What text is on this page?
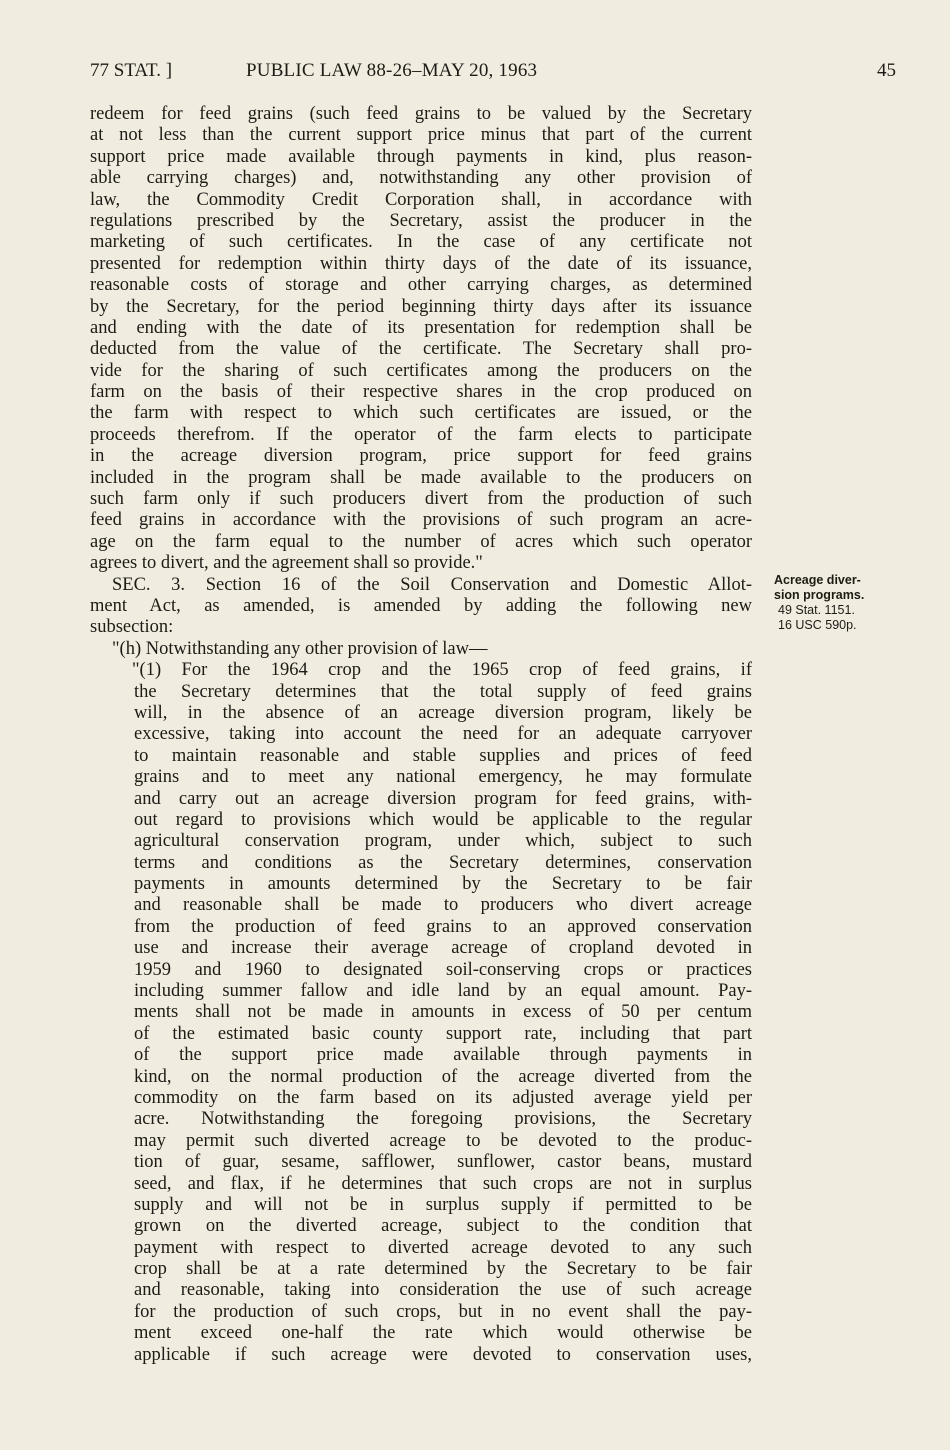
77 STAT. ]	PUBLIC LAW 88-26–MAY 20, 1963	45
Acreage diver-
sion programs.
49 Stat. 1151.
16 USC 590p.
redeem for feed grains (such feed grains to be valued by the Secretary
at not less than the current support price minus that part of the current
support price made available through payments in kind, plus reason-
able carrying charges) and, notwithstanding any other provision of
law, the Commodity Credit Corporation shall, in accordance with
regulations prescribed by the Secretary, assist the producer in the
marketing of such certificates. In the case of any certificate not
presented for redemption within thirty days of the date of its issuance,
reasonable costs of storage and other carrying charges, as determined
by the Secretary, for the period beginning thirty days after its issuance
and ending with the date of its presentation for redemption shall be
deducted from the value of the certificate. The Secretary shall pro-
vide for the sharing of such certificates among the producers on the
farm on the basis of their respective shares in the crop produced on
the farm with respect to which such certificates are issued, or the
proceeds therefrom. If the operator of the farm elects to participate
in the acreage diversion program, price support for feed grains
included in the program shall be made available to the producers on
such farm only if such producers divert from the production of such
feed grains in accordance with the provisions of such program an acre-
age on the farm equal to the number of acres which such operator
agrees to divert, and the agreement shall so provide."
SEC. 3. Section 16 of the Soil Conservation and Domestic Allot-
ment Act, as amended, is amended by adding the following new
subsection:
"(h) Notwithstanding any other provision of law—
"(1) For the 1964 crop and the 1965 crop of feed grains, if
the Secretary determines that the total supply of feed grains
will, in the absence of an acreage diversion program, likely be
excessive, taking into account the need for an adequate carryover
to maintain reasonable and stable supplies and prices of feed
grains and to meet any national emergency, he may formulate
and carry out an acreage diversion program for feed grains, with-
out regard to provisions which would be applicable to the regular
agricultural conservation program, under which, subject to such
terms and conditions as the Secretary determines, conservation
payments in amounts determined by the Secretary to be fair
and reasonable shall be made to producers who divert acreage
from the production of feed grains to an approved conservation
use and increase their average acreage of cropland devoted in
1959 and 1960 to designated soil-conserving crops or practices
including summer fallow and idle land by an equal amount. Pay-
ments shall not be made in amounts in excess of 50 per centum
of the estimated basic county support rate, including that part
of the support price made available through payments in
kind, on the normal production of the acreage diverted from the
commodity on the farm based on its adjusted average yield per
acre. Notwithstanding the foregoing provisions, the Secretary
may permit such diverted acreage to be devoted to the produc-
tion of guar, sesame, safflower, sunflower, castor beans, mustard
seed, and flax, if he determines that such crops are not in surplus
supply and will not be in surplus supply if permitted to be
grown on the diverted acreage, subject to the condition that
payment with respect to diverted acreage devoted to any such
crop shall be at a rate determined by the Secretary to be fair
and reasonable, taking into consideration the use of such acreage
for the production of such crops, but in no event shall the pay-
ment exceed one-half the rate which would otherwise be
applicable if such acreage were devoted to conservation uses,
